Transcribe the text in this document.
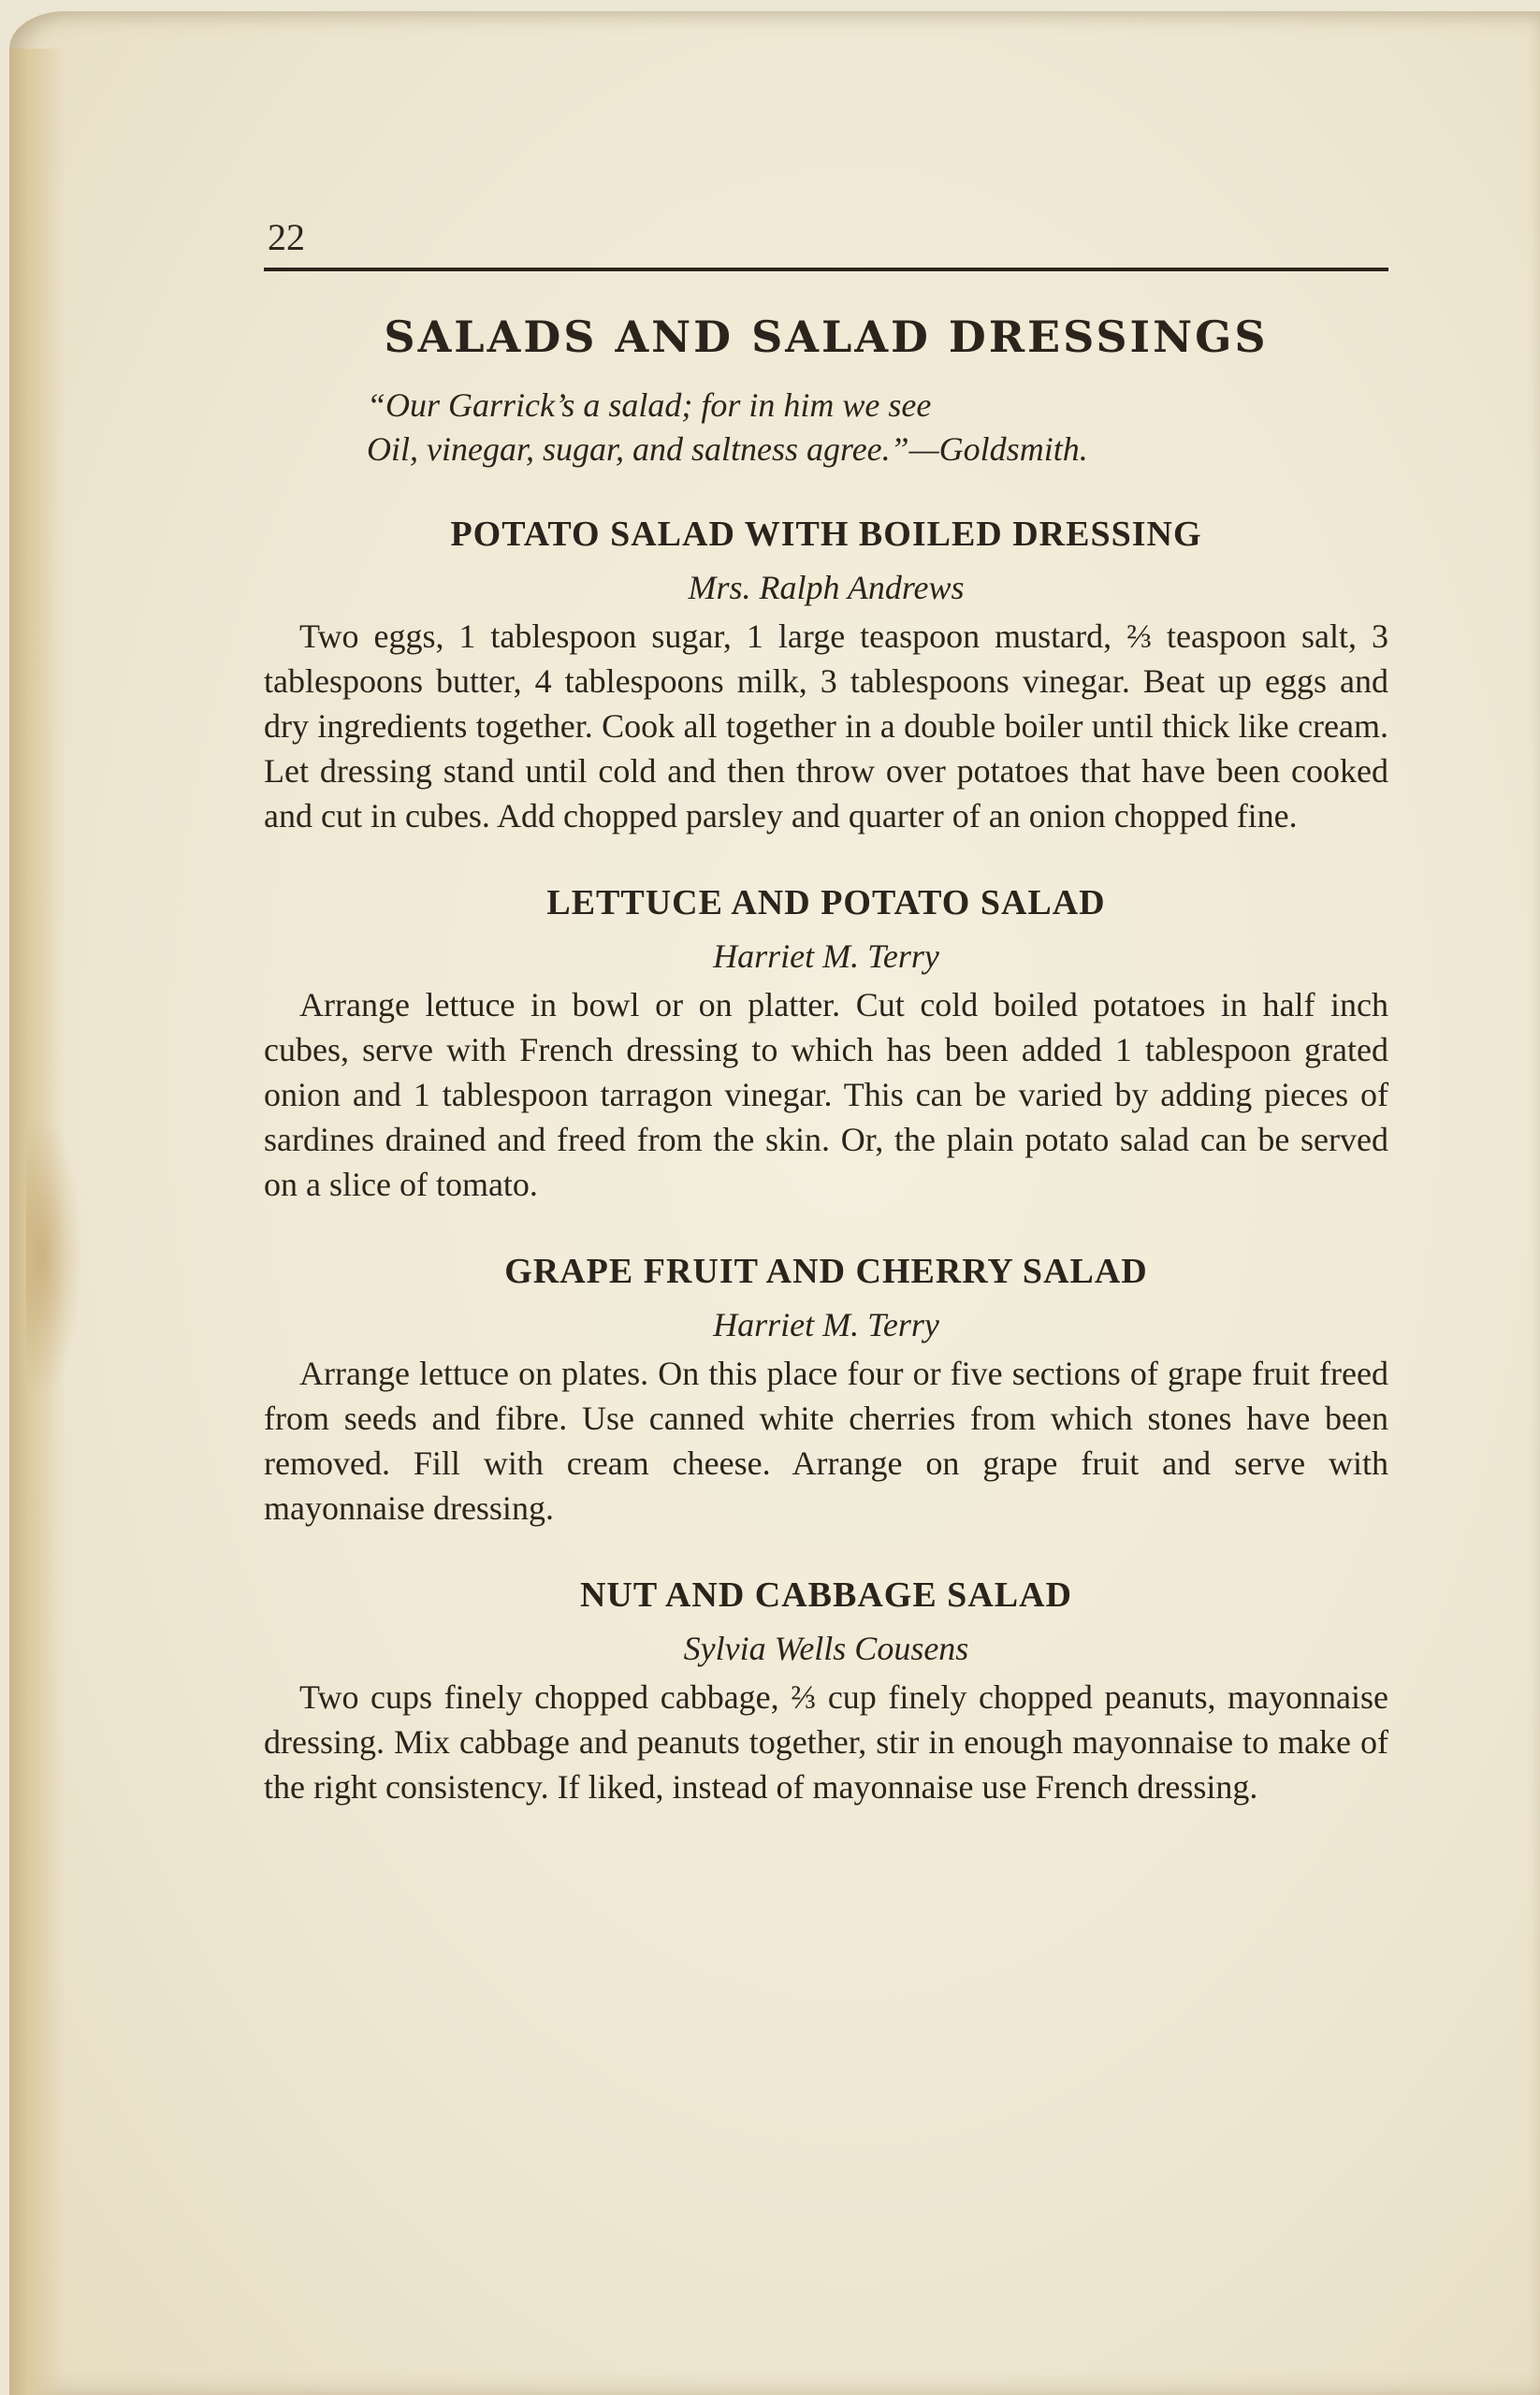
22
SALADS AND SALAD DRESSINGS
“Our Garrick’s a salad; for in him we see
Oil, vinegar, sugar, and saltness agree.”—Goldsmith.
POTATO SALAD WITH BOILED DRESSING
Mrs. Ralph Andrews

Two eggs, 1 tablespoon sugar, 1 large teaspoon mustard, ⅔ teaspoon salt, 3 tablespoons butter, 4 tablespoons milk, 3 tablespoons vinegar. Beat up eggs and dry ingredients together. Cook all together in a double boiler until thick like cream. Let dressing stand until cold and then throw over potatoes that have been cooked and cut in cubes. Add chopped parsley and quarter of an onion chopped fine.

LETTUCE AND POTATO SALAD
Harriet M. Terry

Arrange lettuce in bowl or on platter. Cut cold boiled potatoes in half inch cubes, serve with French dressing to which has been added 1 tablespoon grated onion and 1 tablespoon tarragon vinegar. This can be varied by adding pieces of sardines drained and freed from the skin. Or, the plain potato salad can be served on a slice of tomato.

GRAPE FRUIT AND CHERRY SALAD
Harriet M. Terry

Arrange lettuce on plates. On this place four or five sections of grape fruit freed from seeds and fibre. Use canned white cherries from which stones have been removed. Fill with cream cheese. Arrange on grape fruit and serve with mayonnaise dressing.

NUT AND CABBAGE SALAD
Sylvia Wells Cousens

Two cups finely chopped cabbage, ⅔ cup finely chopped peanuts, mayonnaise dressing. Mix cabbage and peanuts together, stir in enough mayonnaise to make of the right consistency. If liked, instead of mayonnaise use French dressing.
